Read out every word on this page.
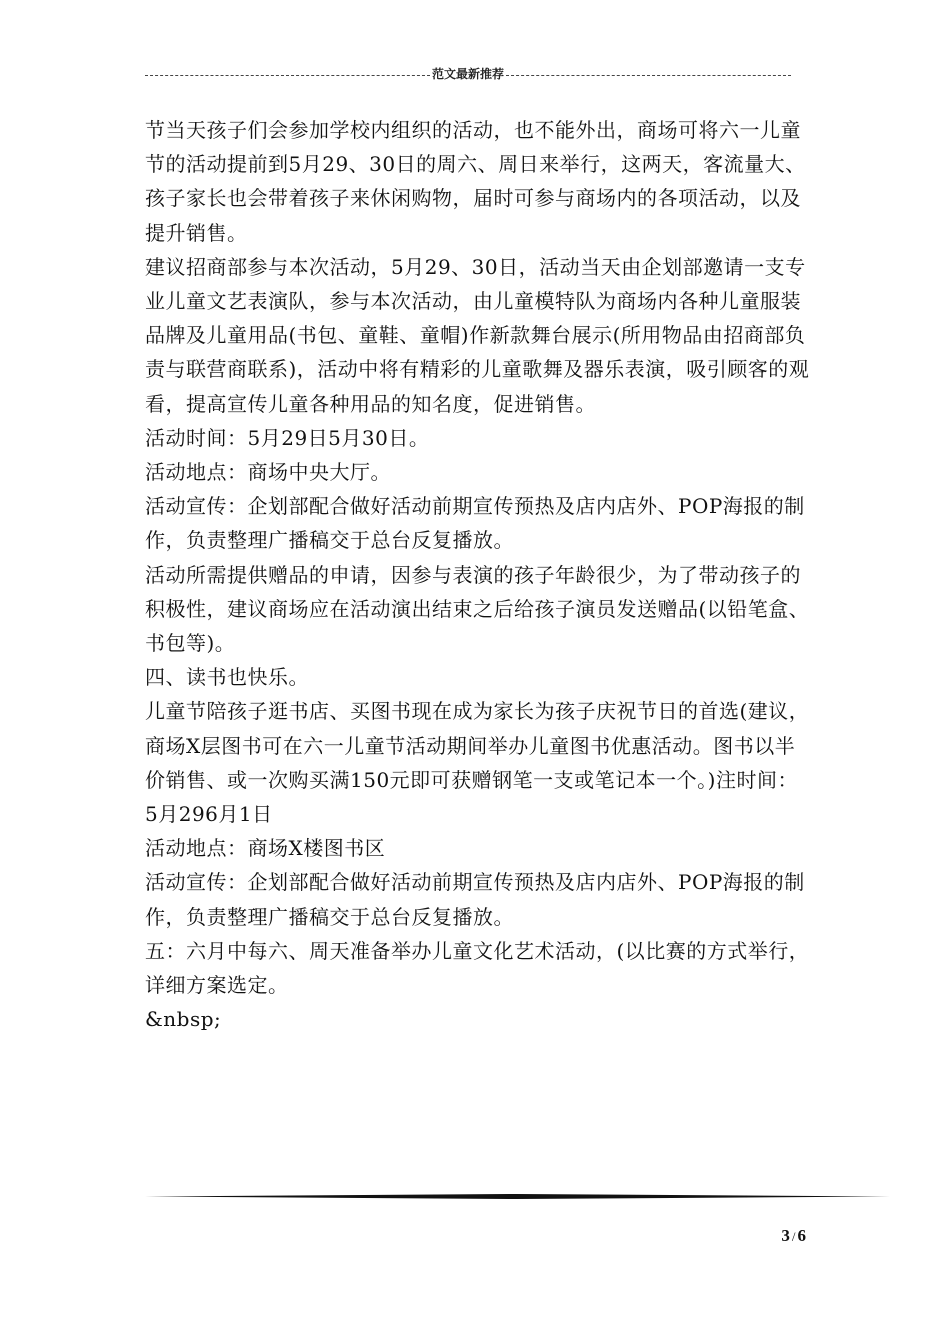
范文最新推荐

节当天孩子们会参加学校内组织的活动，也不能外出，商场可将六一儿童节的活动提前到5月29、30日的周六、周日来举行，这两天，客流量大、孩子家长也会带着孩子来休闲购物，届时可参与商场内的各项活动，以及提升销售。

建议招商部参与本次活动，5月29、30日，活动当天由企划部邀请一支专业儿童文艺表演队，参与本次活动，由儿童模特队为商场内各种儿童服装品牌及儿童用品(书包、童鞋、童帽)作新款舞台展示(所用物品由招商部负责与联营商联系)，活动中将有精彩的儿童歌舞及器乐表演，吸引顾客的观看，提高宣传儿童各种用品的知名度，促进销售。

活动时间：5月29日5月30日。

活动地点：商场中央大厅。

活动宣传：企划部配合做好活动前期宣传预热及店内店外、POP海报的制作，负责整理广播稿交于总台反复播放。

活动所需提供赠品的申请，因参与表演的孩子年龄很少，为了带动孩子的积极性，建议商场应在活动演出结束之后给孩子演员发送赠品(以铅笔盒、书包等)。

四、读书也快乐。

儿童节陪孩子逛书店、买图书现在成为家长为孩子庆祝节日的首选(建议，商场X层图书可在六一儿童节活动期间举办儿童图书优惠活动。图书以半价销售、或一次购买满150元即可获赠钢笔一支或笔记本一个。)注时间：5月296月1日

活动地点：商场X楼图书区

活动宣传：企划部配合做好活动前期宣传预热及店内店外、POP海报的制作，负责整理广播稿交于总台反复播放。

五：六月中每六、周天准备举办儿童文化艺术活动，(以比赛的方式举行，详细方案选定。

&nbsp;

3 / 6
